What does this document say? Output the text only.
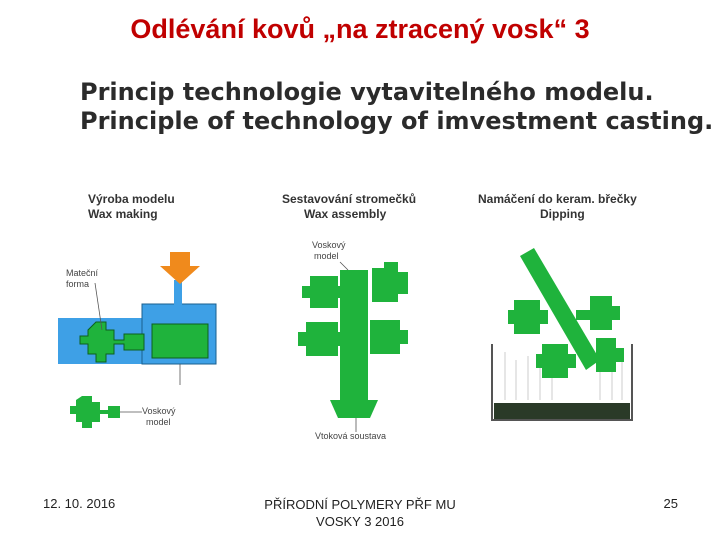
Odlévání kovů „na ztracený vosk“ 3
Princip technologie vytavitelného modelu.
Principle of technology of imvestment casting.
Výroba modelu
Wax making
Sestavování stromečků
Wax assembly
Namáčení do keram. břečky
Dipping
Mateční
forma
Voskový
model
Voskový
model
Vtoková soustava
12. 10. 2016	PŘÍRODNÍ POLYMERY PŘF MU
VOSKY 3 2016
25
